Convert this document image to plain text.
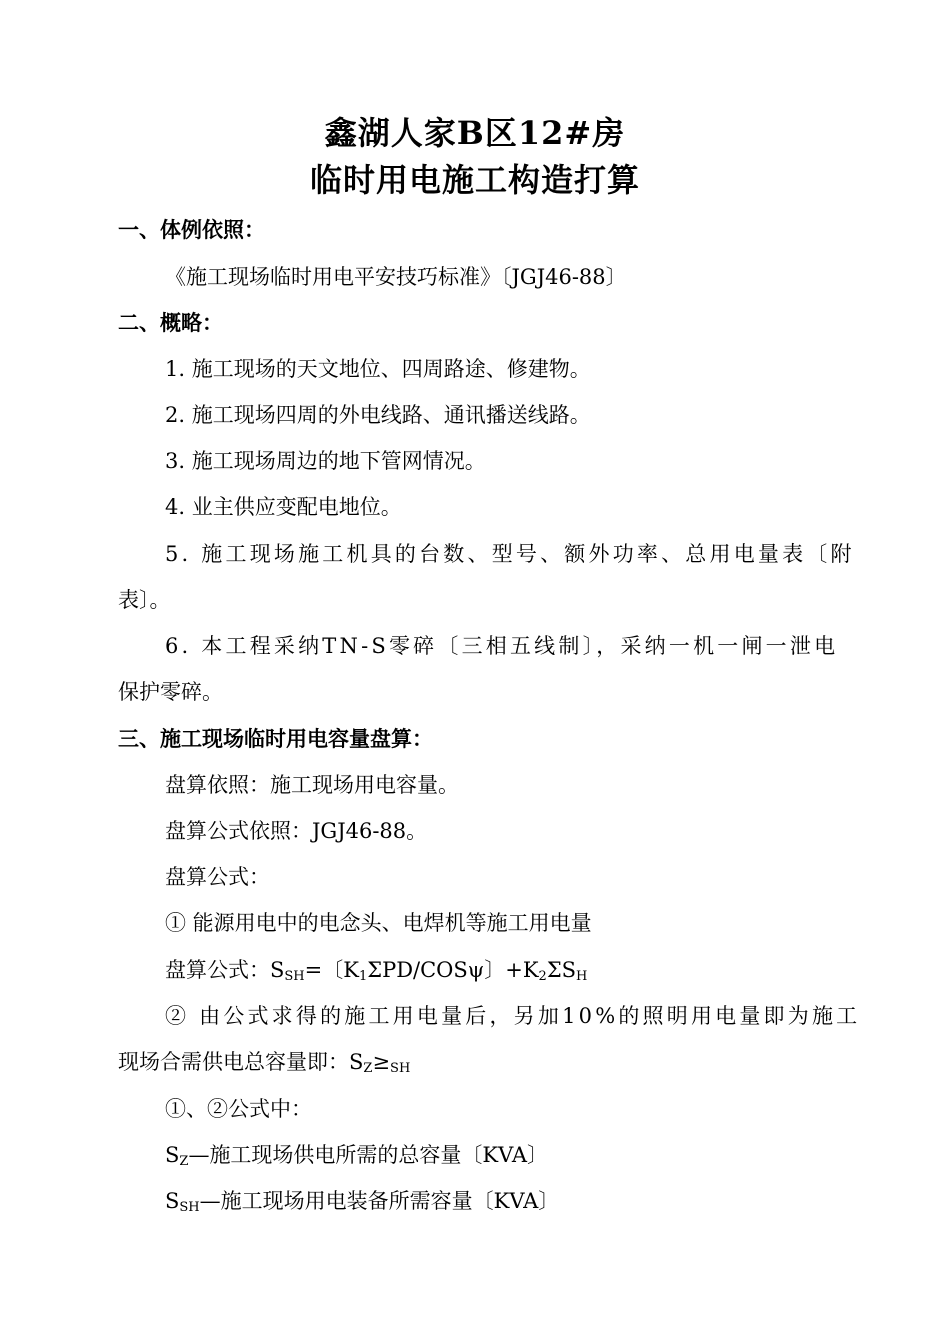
鑫湖人家B区12#房
临时用电施工构造打算
一、体例依照：
《施工现场临时用电平安技巧标准》〔JGJ46-88〕
二、概略：
1. 施工现场的天文地位、四周路途、修建物。
2. 施工现场四周的外电线路、通讯播送线路。
3. 施工现场周边的地下管网情况。
4. 业主供应变配电地位。
5. 施工现场施工机具的台数、型号、额外功率、总用电量表〔附
表〕。
6. 本工程采纳TN-S零碎〔三相五线制〕，采纳一机一闸一泄电
保护零碎。
三、施工现场临时用电容量盘算：
盘算依照：施工现场用电容量。
盘算公式依照：JGJ46-88。
盘算公式：
① 能源用电中的电念头、电焊机等施工用电量
盘算公式：$S_{SH}=$〔$K_1\Sigma PD$/COSψ〕$+K_2\Sigma S_H$
② 由公式求得的施工用电量后，另加10%的照明用电量即为施工
现场合需供电总容量即：$S_Z\ge_{SH}$
①、②公式中：
$S_Z—$施工现场供电所需的总容量〔KVA〕
$S_{SH}—$施工现场用电装备所需容量〔KVA〕
